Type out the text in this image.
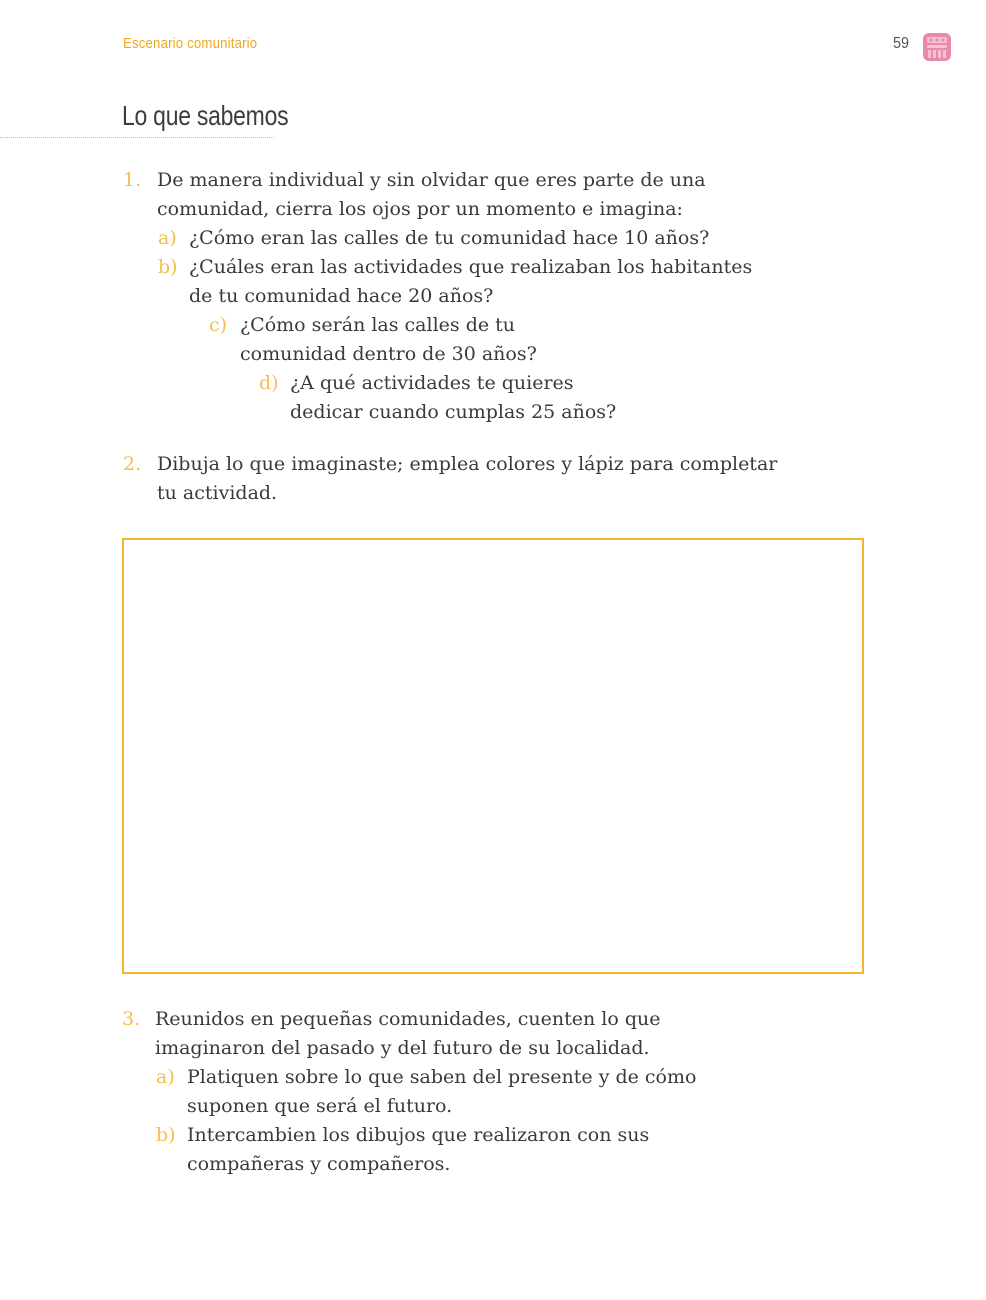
Escenario comunitario	59
Lo que sabemos
1. De manera individual y sin olvidar que eres parte de una
comunidad, cierra los ojos por un momento e imagina:
a) ¿Cómo eran las calles de tu comunidad hace 10 años?
b) ¿Cuáles eran las actividades que realizaban los habitantes
de tu comunidad hace 20 años?
c) ¿Cómo serán las calles de tu
comunidad dentro de 30 años?
d) ¿A qué actividades te quieres
dedicar cuando cumplas 25 años?
2. Dibuja lo que imaginaste; emplea colores y lápiz para completar
tu actividad.
3. Reunidos en pequeñas comunidades, cuenten lo que
imaginaron del pasado y del futuro de su localidad.
a) Platiquen sobre lo que saben del presente y de cómo
suponen que será el futuro.
b) Intercambien los dibujos que realizaron con sus
compañeras y compañeros.
